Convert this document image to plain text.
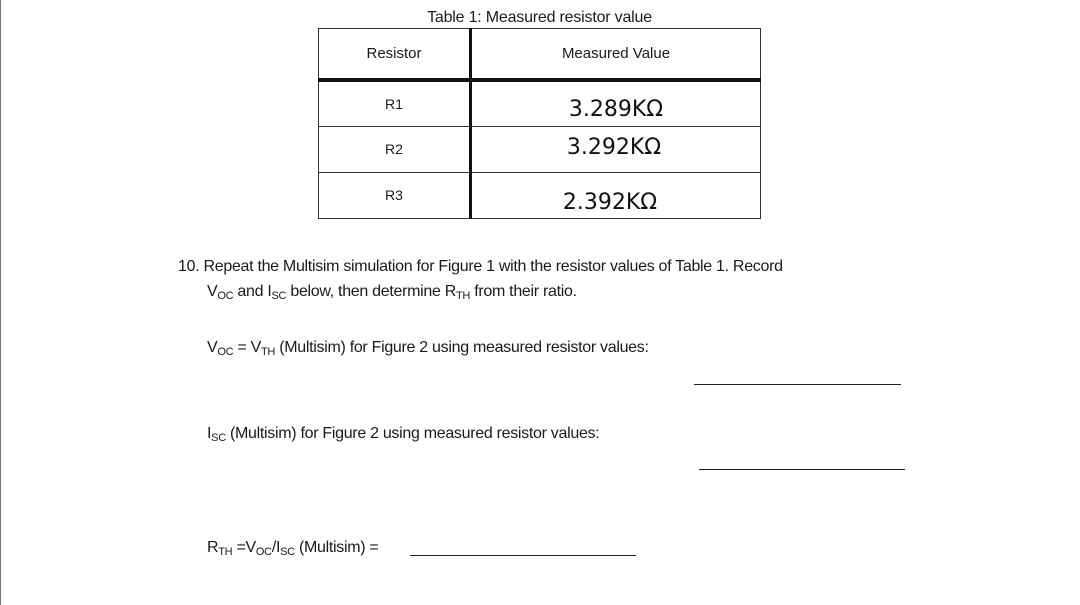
Table 1: Measured resistor value
Resistor	Measured Value
R1	3.289KΩ
R2	3.292KΩ
R3	2.392KΩ
10. Repeat the Multisim simulation for Figure 1 with the resistor values of Table 1. Record
$V_{OC}$ and $I_{SC}$ below, then determine $R_{TH}$ from their ratio.
$V_{OC} = V_{TH}$ (Multisim) for Figure 2 using measured resistor values:
$I_{SC}$ (Multisim) for Figure 2 using measured resistor values:
$R_{TH} =V_{OC}/I_{SC}$ (Multisim) =
